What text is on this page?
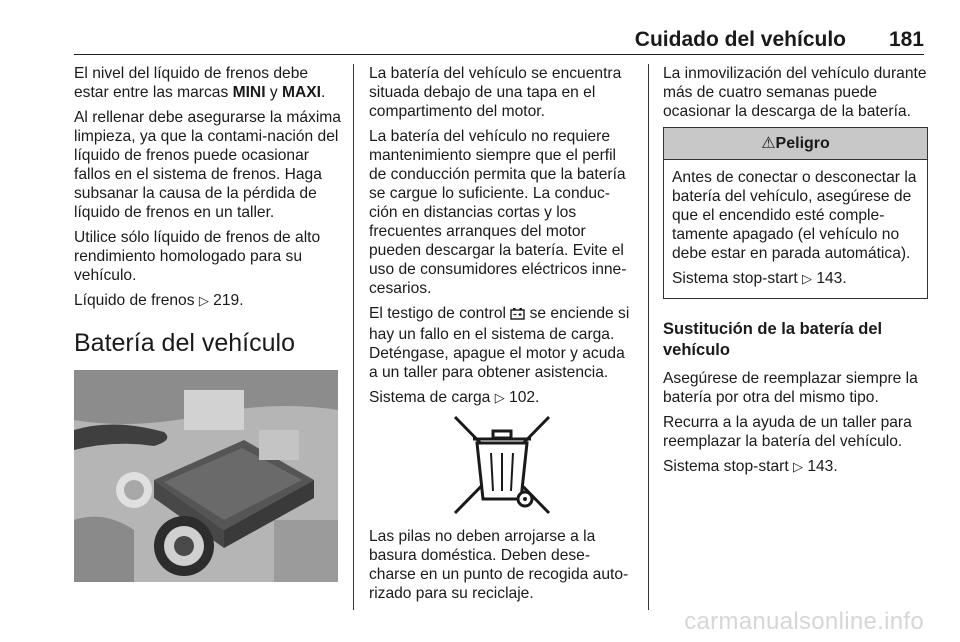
Cuidado del vehículo 181

El nivel del líquido de frenos debe estar entre las marcas MINI y MAXI.

Al rellenar debe asegurarse la máxima limpieza, ya que la contami-nación del líquido de frenos puede ocasionar fallos en el sistema de frenos. Haga subsanar la causa de la pérdida de líquido de frenos en un taller.

Utilice sólo líquido de frenos de alto rendimiento homologado para su vehículo.

Líquido de frenos ▷ 219.

Batería del vehículo

La batería del vehículo se encuentra situada debajo de una tapa en el compartimento del motor.

La batería del vehículo no requiere mantenimiento siempre que el perfil de conducción permita que la batería se cargue lo suficiente. La conduc-ción en distancias cortas y los frecuentes arranques del motor pueden descargar la batería. Evite el uso de consumidores eléctricos inne-cesarios.

El testigo de control  se enciende si hay un fallo en el sistema de carga. Deténgase, apague el motor y acuda a un taller para obtener asistencia.

Sistema de carga ▷ 102.

Las pilas no deben arrojarse a la basura doméstica. Deben dese-charse en un punto de recogida auto-rizado para su reciclaje.

La inmovilización del vehículo durante más de cuatro semanas puede ocasionar la descarga de la batería.

⚠Peligro

Antes de conectar o desconectar la batería del vehículo, asegúrese de que el encendido esté comple-tamente apagado (el vehículo no debe estar en parada automática).

Sistema stop-start ▷ 143.

Sustitución de la batería del vehículo

Asegúrese de reemplazar siempre la batería por otra del mismo tipo.

Recurra a la ayuda de un taller para reemplazar la batería del vehículo.

Sistema stop-start ▷ 143.

carmanualsonline.info
